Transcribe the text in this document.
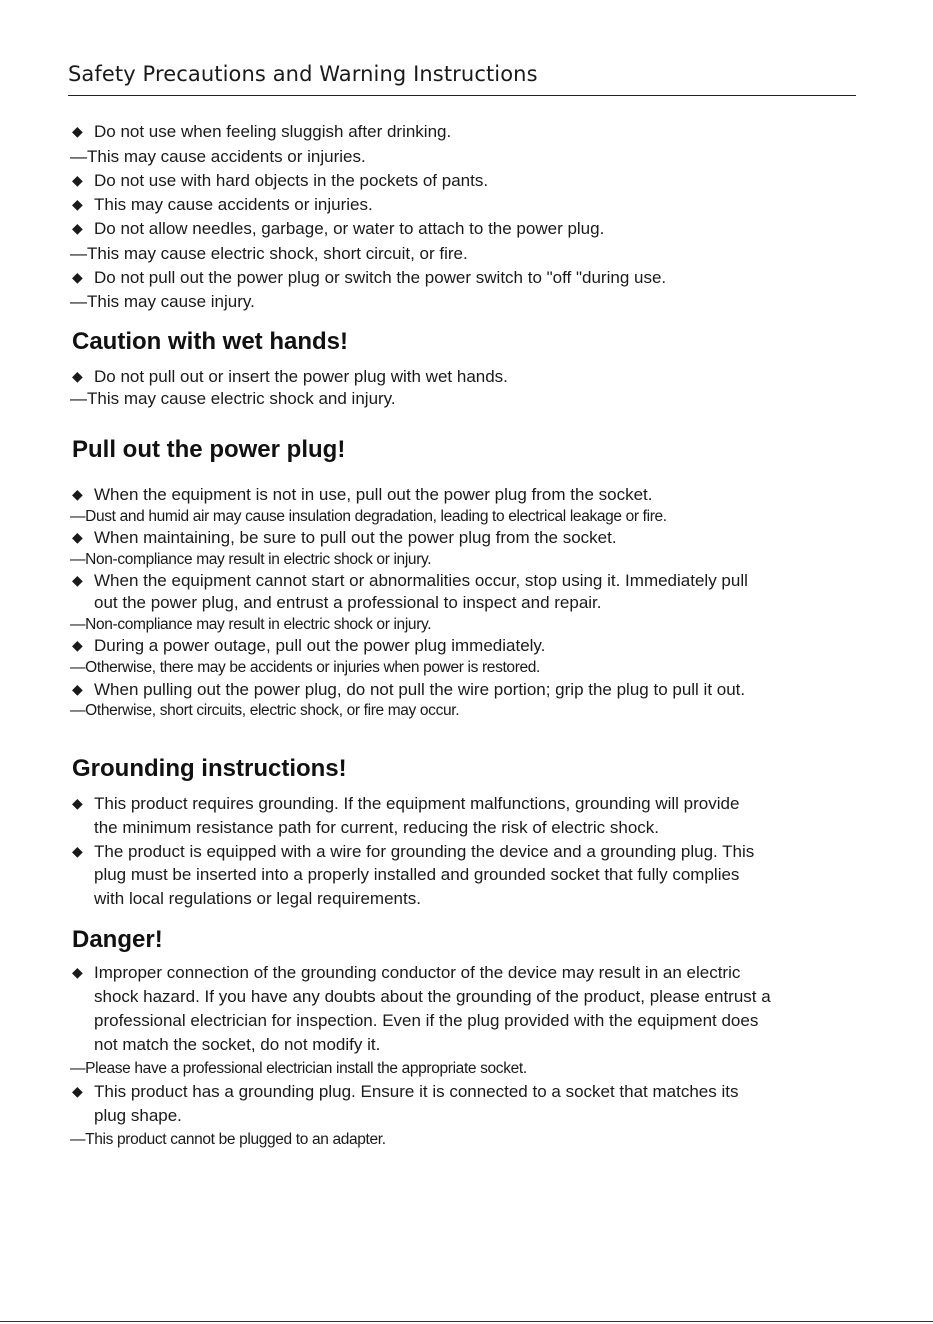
Safety Precautions and Warning Instructions
◆ Do not use when feeling sluggish after drinking.
—This may cause accidents or injuries.
◆ Do not use with hard objects in the pockets of pants.
◆ This may cause accidents or injuries.
◆ Do not allow needles, garbage, or water to attach to the power plug.
—This may cause electric shock, short circuit, or fire.
◆ Do not pull out the power plug or switch the power switch to "off "during use.
—This may cause injury.
Caution with wet hands!
◆ Do not pull out or insert the power plug with wet hands.
—This may cause electric shock and injury.
Pull out the power plug!
◆ When the equipment is not in use, pull out the power plug from the socket.
—Dust and humid air may cause insulation degradation, leading to electrical leakage or fire.
◆ When maintaining, be sure to pull out the power plug from the socket.
—Non-compliance may result in electric shock or injury.
◆ When the equipment cannot start or abnormalities occur, stop using it. Immediately pull
out the power plug, and entrust a professional to inspect and repair.
—Non-compliance may result in electric shock or injury.
◆ During a power outage, pull out the power plug immediately.
—Otherwise, there may be accidents or injuries when power is restored.
◆ When pulling out the power plug, do not pull the wire portion; grip the plug to pull it out.
—Otherwise, short circuits, electric shock, or fire may occur.
Grounding instructions!
◆ This product requires grounding. If the equipment malfunctions, grounding will provide
the minimum resistance path for current, reducing the risk of electric shock.
◆ The product is equipped with a wire for grounding the device and a grounding plug. This
plug must be inserted into a properly installed and grounded socket that fully complies
with local regulations or legal requirements.
Danger!
◆ Improper connection of the grounding conductor of the device may result in an electric
shock hazard. If you have any doubts about the grounding of the product, please entrust a
professional electrician for inspection. Even if the plug provided with the equipment does
not match the socket, do not modify it.
—Please have a professional electrician install the appropriate socket.
◆ This product has a grounding plug. Ensure it is connected to a socket that matches its
plug shape.
—This product cannot be plugged to an adapter.
